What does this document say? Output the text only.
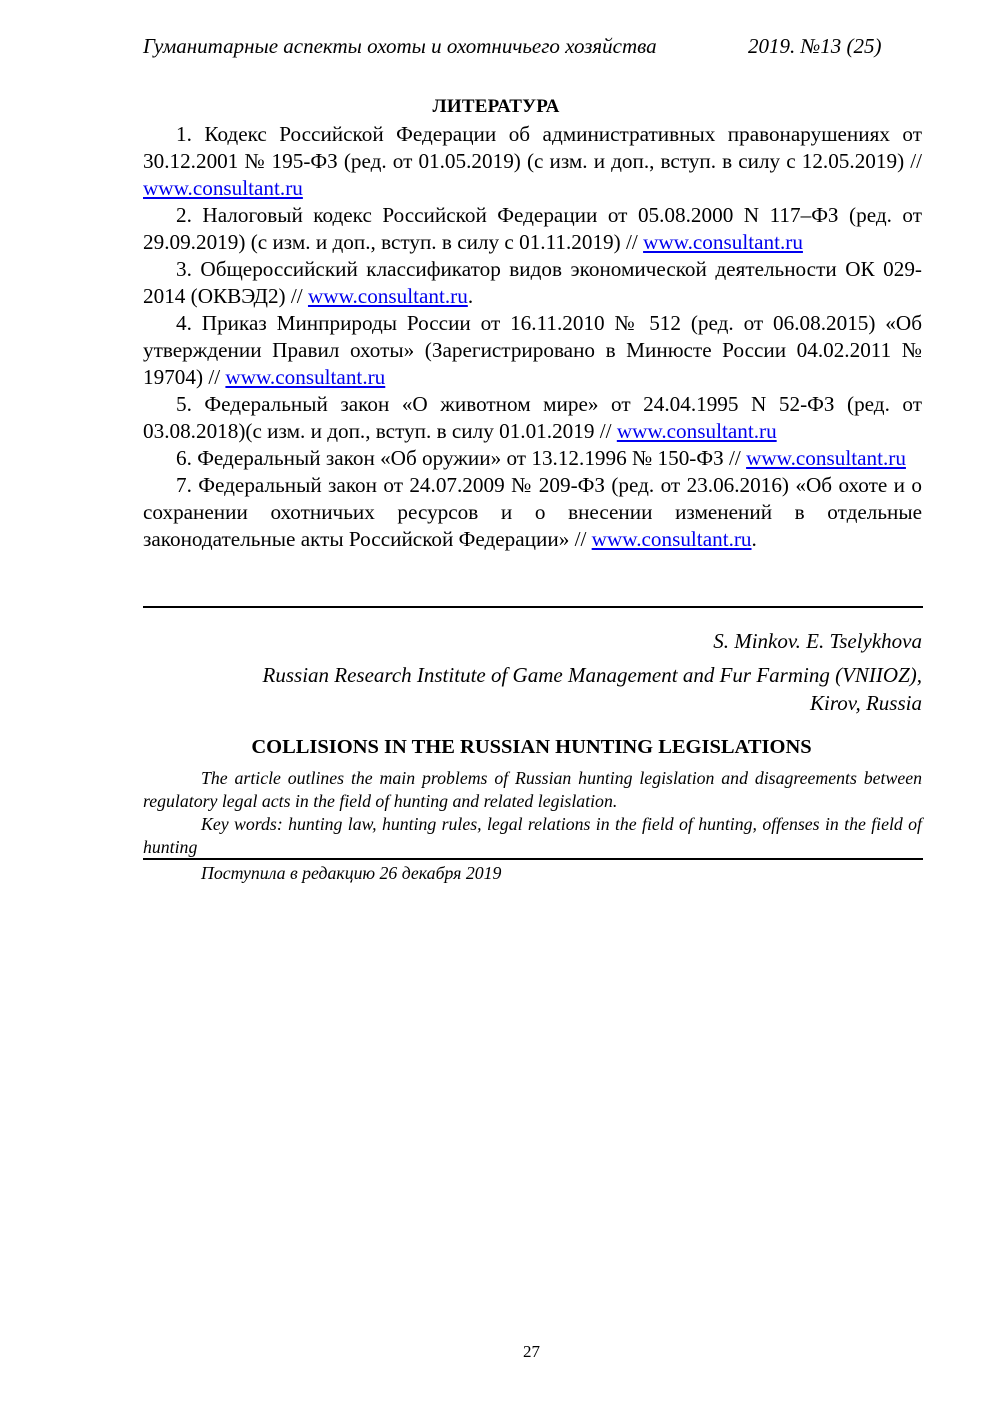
Гуманитарные аспекты охоты и охотничьего хозяйства	2019. №13 (25)
ЛИТЕРАТУРА

1. Кодекс Российской Федерации об административных правонарушениях от 30.12.2001 № 195-ФЗ (ред. от 01.05.2019) (с изм. и доп., вступ. в силу с 12.05.2019) // www.consultant.ru

2. Налоговый кодекс Российской Федерации от 05.08.2000 N 117–ФЗ (ред. от 29.09.2019) (с изм. и доп., вступ. в силу с 01.11.2019) // www.consultant.ru

3. Общероссийский классификатор видов экономической деятельности ОК 029-2014 (ОКВЭД2) // www.consultant.ru.

4. Приказ Минприроды России от 16.11.2010 № 512 (ред. от 06.08.2015) «Об утверждении Правил охоты» (Зарегистрировано в Минюсте России 04.02.2011 № 19704) // www.consultant.ru

5. Федеральный закон «О животном мире» от 24.04.1995 N 52-ФЗ (ред. от 03.08.2018)(с изм. и доп., вступ. в силу 01.01.2019 // www.consultant.ru

6. Федеральный закон «Об оружии» от 13.12.1996 № 150-ФЗ // www.consultant.ru

7. Федеральный закон от 24.07.2009 № 209-ФЗ (ред. от 23.06.2016) «Об охоте и о сохранении охотничьих ресурсов и о внесении изменений в отдельные законодательные акты Российской Федерации» // www.consultant.ru.

S. Minkov. E. Tselykhova
Russian Research Institute of Game Management and Fur Farming (VNIIOZ),
Kirov, Russia
COLLISIONS IN THE RUSSIAN HUNTING LEGISLATIONS

The article outlines the main problems of Russian hunting legislation and disagreements between regulatory legal acts in the field of hunting and related legislation.

Key words: hunting law, hunting rules, legal relations in the field of hunting, offenses in the field of hunting

Поступила в редакцию 26 декабря 2019
27
